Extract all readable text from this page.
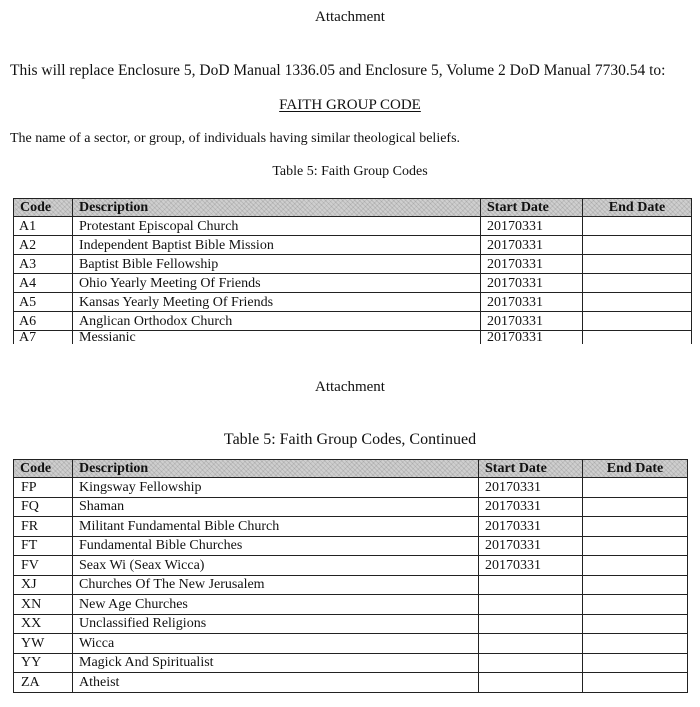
Attachment
This will replace Enclosure 5, DoD Manual 1336.05 and Enclosure 5, Volume 2 DoD Manual 7730.54 to:
FAITH GROUP CODE
The name of a sector, or group, of individuals having similar theological beliefs.
Table 5: Faith Group Codes
Code	Description	Start Date	End Date
A1	Protestant Episcopal Church	20170331	
A2	Independent Baptist Bible Mission	20170331	
A3	Baptist Bible Fellowship	20170331	
A4	Ohio Yearly Meeting Of Friends	20170331	
A5	Kansas Yearly Meeting Of Friends	20170331	
A6	Anglican Orthodox Church	20170331	
A7	Messianic	20170331	
Attachment
Table 5: Faith Group Codes, Continued
Code	Description	Start Date	End Date
FP	Kingsway Fellowship	20170331	
FQ	Shaman	20170331	
FR	Militant Fundamental Bible Church	20170331	
FT	Fundamental Bible Churches	20170331	
FV	Seax Wi (Seax Wicca)	20170331	
XJ	Churches Of The New Jerusalem		
XN	New Age Churches		
XX	Unclassified Religions		
YW	Wicca		
YY	Magick And Spiritualist		
ZA	Atheist		
